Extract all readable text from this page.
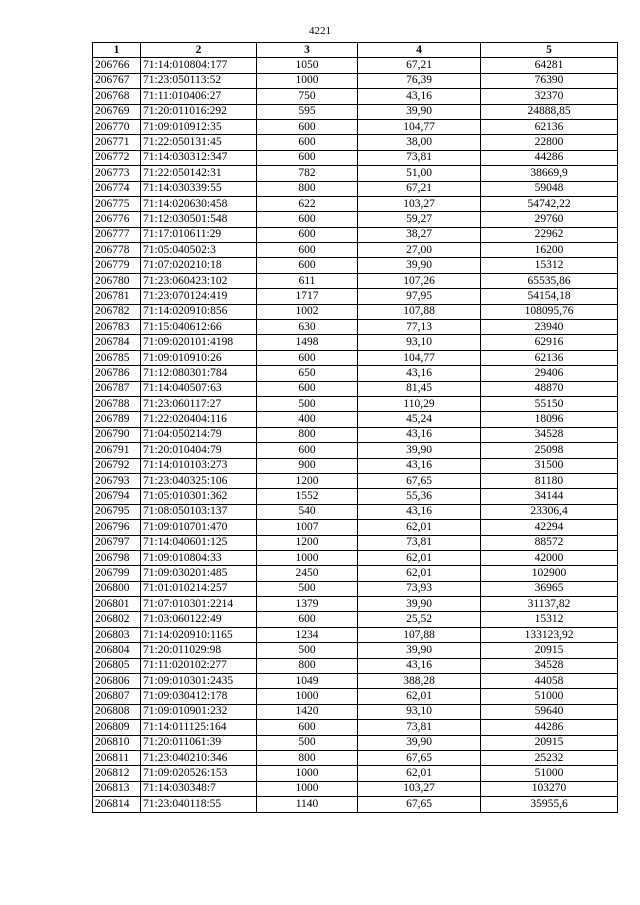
4221
1	2	3	4	5
206766	71:14:010804:177	1050	67,21	64281
206767	71:23:050113:52	1000	76,39	76390
206768	71:11:010406:27	750	43,16	32370
206769	71:20:011016:292	595	39,90	24888,85
206770	71:09:010912:35	600	104,77	62136
206771	71:22:050131:45	600	38,00	22800
206772	71:14:030312:347	600	73,81	44286
206773	71:22:050142:31	782	51,00	38669,9
206774	71:14:030339:55	800	67,21	59048
206775	71:14:020630:458	622	103,27	54742,22
206776	71:12:030501:548	600	59,27	29760
206777	71:17:010611:29	600	38,27	22962
206778	71:05:040502:3	600	27,00	16200
206779	71:07:020210:18	600	39,90	15312
206780	71:23:060423:102	611	107,26	65535,86
206781	71:23:070124:419	1717	97,95	54154,18
206782	71:14:020910:856	1002	107,88	108095,76
206783	71:15:040612:66	630	77,13	23940
206784	71:09:020101:4198	1498	93,10	62916
206785	71:09:010910:26	600	104,77	62136
206786	71:12:080301:784	650	43,16	29406
206787	71:14:040507:63	600	81,45	48870
206788	71:23:060117:27	500	110,29	55150
206789	71:22:020404:116	400	45,24	18096
206790	71:04:050214:79	800	43,16	34528
206791	71:20:010404:79	600	39,90	25098
206792	71:14:010103:273	900	43,16	31500
206793	71:23:040325:106	1200	67,65	81180
206794	71:05:010301:362	1552	55,36	34144
206795	71:08:050103:137	540	43,16	23306,4
206796	71:09:010701:470	1007	62,01	42294
206797	71:14:040601:125	1200	73,81	88572
206798	71:09:010804:33	1000	62,01	42000
206799	71:09:030201:485	2450	62,01	102900
206800	71:01:010214:257	500	73,93	36965
206801	71:07:010301:2214	1379	39,90	31137,82
206802	71:03:060122:49	600	25,52	15312
206803	71:14:020910:1165	1234	107,88	133123,92
206804	71:20:011029:98	500	39,90	20915
206805	71:11:020102:277	800	43,16	34528
206806	71:09:010301:2435	1049	388,28	44058
206807	71:09:030412:178	1000	62,01	51000
206808	71:09:010901:232	1420	93,10	59640
206809	71:14:011125:164	600	73,81	44286
206810	71:20:011061:39	500	39,90	20915
206811	71:23:040210:346	800	67,65	25232
206812	71:09:020526:153	1000	62,01	51000
206813	71:14:030348:7	1000	103,27	103270
206814	71:23:040118:55	1140	67,65	35955,6
